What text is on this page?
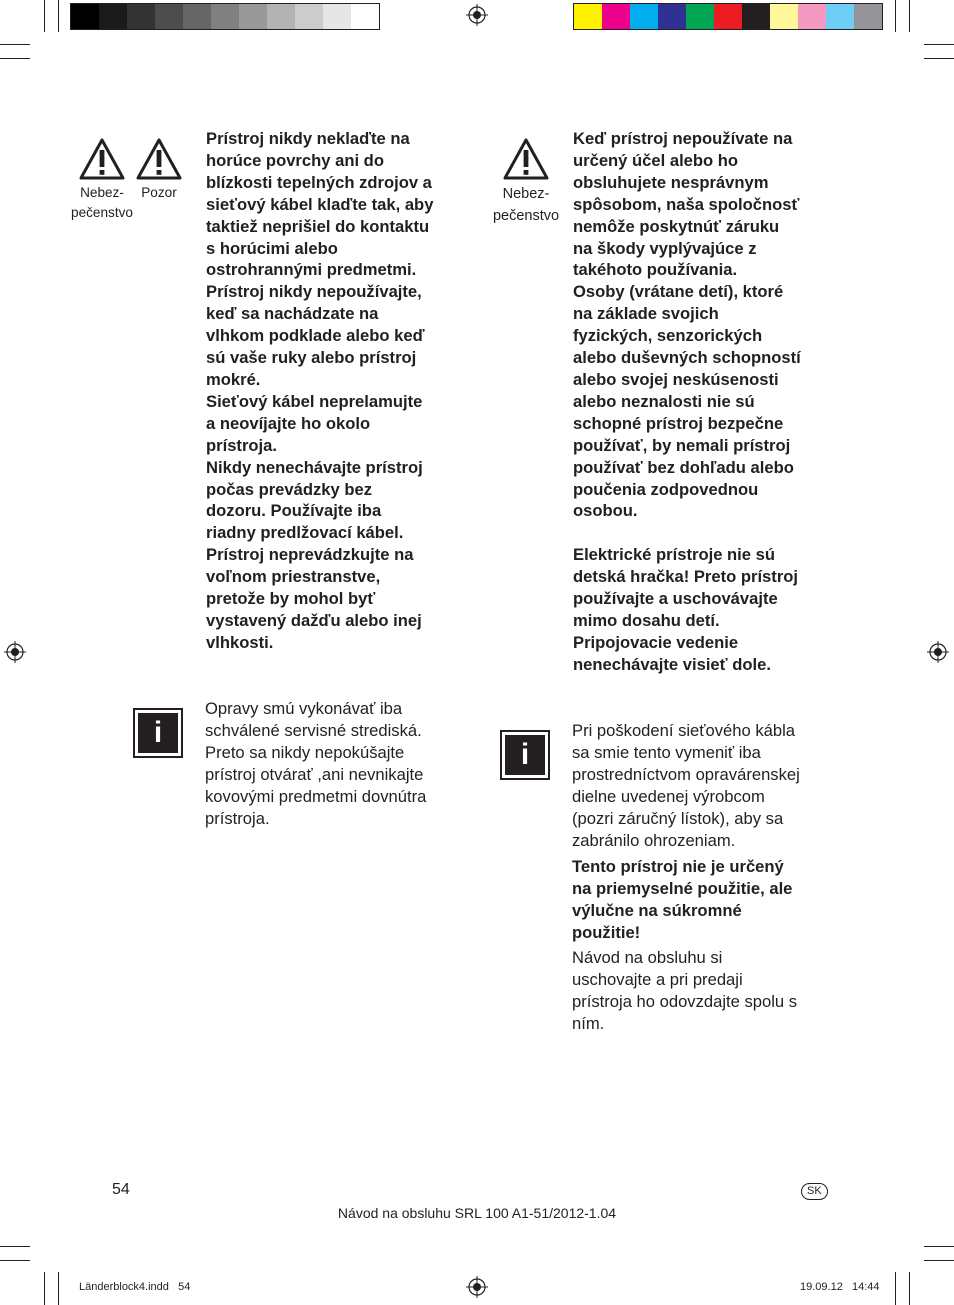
Nebez-
pečenstvo
Pozor
Prístroj nikdy neklaďte na
horúce povrchy ani do
blízkosti tepelných zdrojov a
sieťový kábel klaďte tak, aby
taktiež neprišiel do kontaktu
s horúcimi alebo
ostrohrannými predmetmi.
Prístroj nikdy nepoužívajte,
keď sa nachádzate na
vlhkom podklade alebo keď
sú vaše ruky alebo prístroj
mokré.
Sieťový kábel neprelamujte
a neovíjajte ho okolo
prístroja.
Nikdy nenechávajte prístroj
počas prevádzky bez
dozoru. Používajte iba
riadny predlžovací kábel.
Prístroj neprevádzkujte na
voľnom priestranstve,
pretože by mohol byť
vystavený dažďu alebo inej
vlhkosti.
i
Opravy smú vykonávať iba
schválené servisné strediská.
Preto sa nikdy nepokúšajte
prístroj otvárať ,ani nevnikajte
kovovými predmetmi dovnútra
prístroja.
Nebez-
pečenstvo
Keď prístroj nepoužívate na
určený účel alebo ho
obsluhujete nesprávnym
spôsobom, naša spoločnosť
nemôže poskytnúť záruku
na škody vyplývajúce z
takéhoto používania.
Osoby (vrátane detí), ktoré
na základe svojich
fyzických, senzorických
alebo duševných schopností
alebo svojej neskúsenosti
alebo neznalosti nie sú
schopné prístroj bezpečne
používať, by nemali prístroj
používať bez dohľadu alebo
poučenia zodpovednou
osobou.
Elektrické prístroje nie sú
detská hračka! Preto prístroj
používajte a uschovávajte
mimo dosahu detí.
Pripojovacie vedenie
nenechávajte visieť dole.
i
Pri poškodení sieťového kábla
sa smie tento vymeniť iba
prostredníctvom opravárenskej
dielne uvedenej výrobcom
(pozri záručný lístok), aby sa
zabránilo ohrozeniam.
Tento prístroj nie je určený
na priemyselné použitie, ale
výlučne na súkromné
použitie!
Návod na obsluhu si
uschovajte a pri predaji
prístroja ho odovzdajte spolu s
ním.
54	SK
Návod na obsluhu SRL 100 A1-51/2012-1.04
Länderblock4.indd   54	19.09.12   14:44
